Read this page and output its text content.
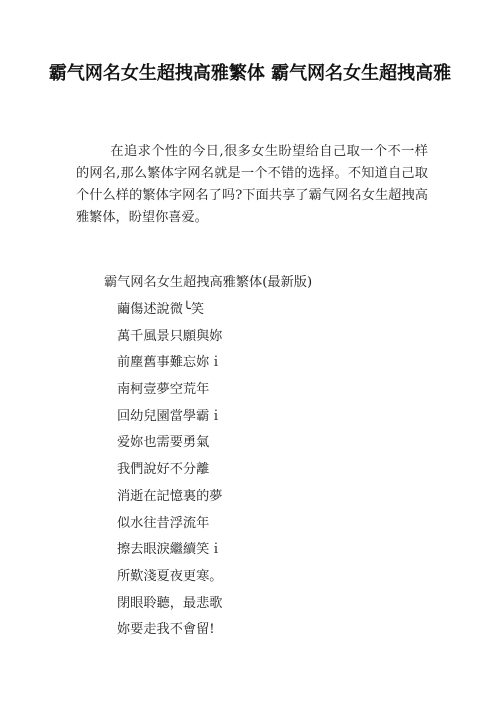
霸气网名女生超拽高雅繁体 霸气网名女生超拽高雅

在追求个性的今日,很多女生盼望给自己取一个不一样的网名,那么繁体字网名就是一个不错的选择。不知道自己取个什么样的繁体字网名了吗?下面共享了霸气网名女生超拽高雅繁体，盼望你喜爱。

霸气网名女生超拽高雅繁体(最新版)

繭傷述說微╰笑
萬千風景只願與妳
前塵舊事難忘妳ｉ
南柯壹夢空荒年
回幼兒園當學霸ｉ
爱妳也需要勇氣
我們說好不分離
消逝在記憶裏的夢
似水往昔浮流年
擦去眼淚繼續笑ｉ
所歎淺夏夜更寒。
閉眼聆聽，最悲歌
妳要走我不會留!
